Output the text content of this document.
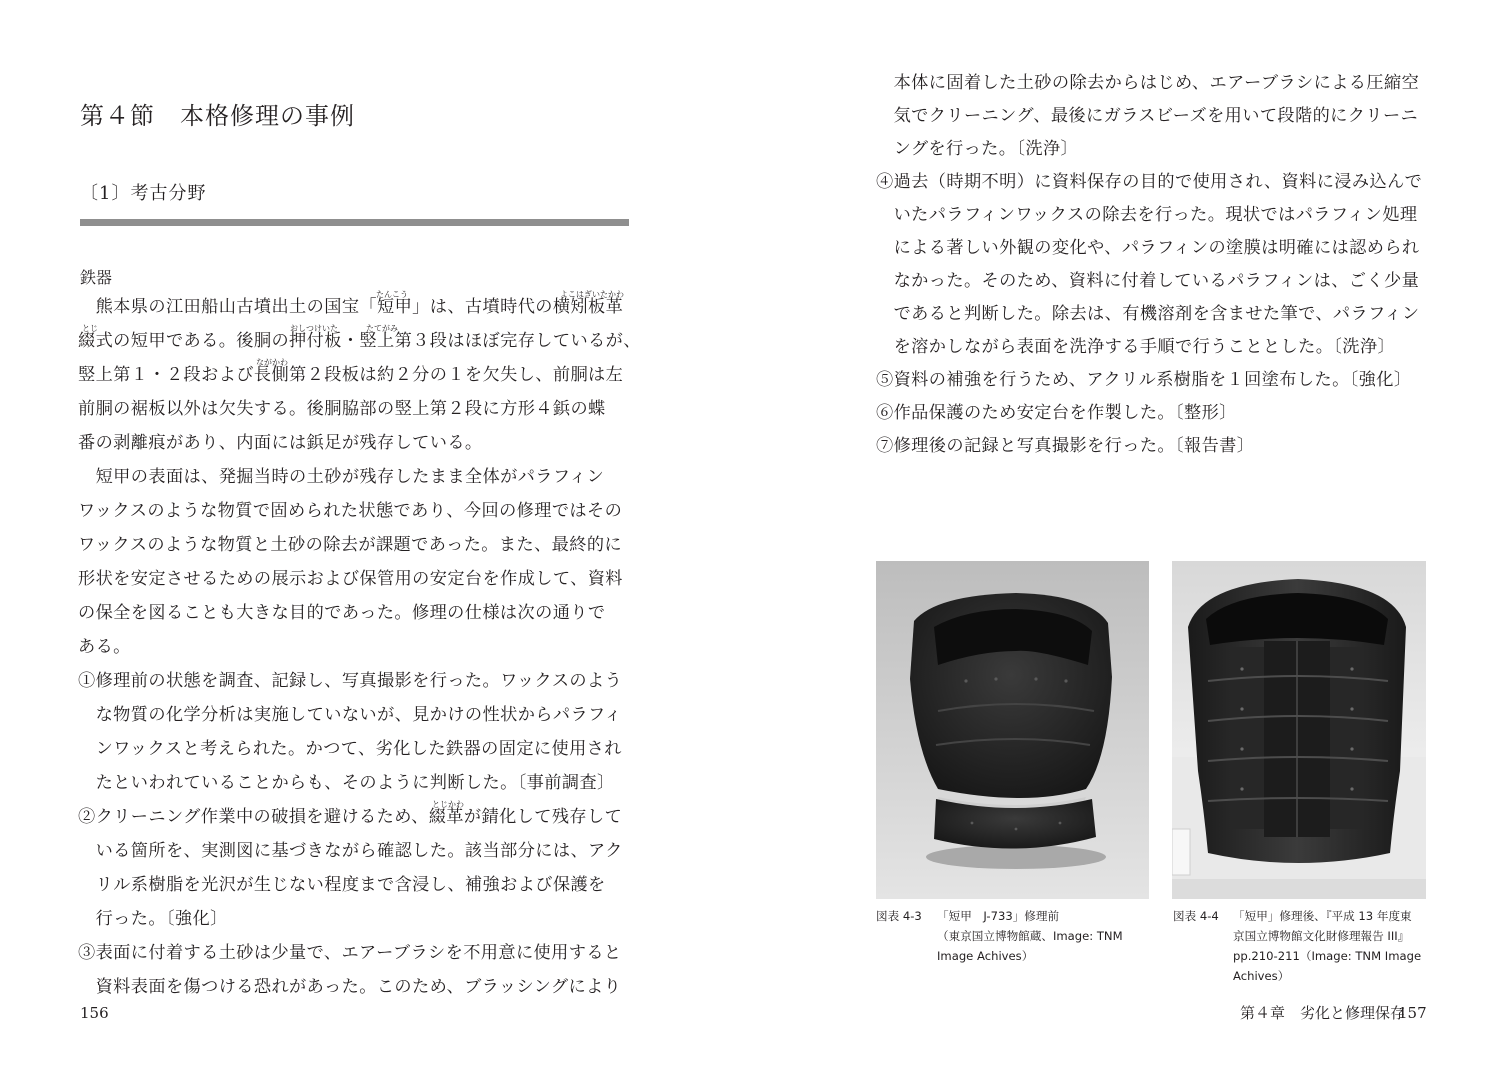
第４節　本格修理の事例
〔1〕考古分野
鉄器
　熊本県の江田船山古墳出土の国宝「短甲」は、古墳時代の横矧板革
綴式の短甲である。後胴の押付板・竪上第３段はほぼ完存しているが、
竪上第１・２段および長側第２段板は約２分の１を欠失し、前胴は左
前胴の裾板以外は欠失する。後胴脇部の竪上第２段に方形４鋲の蝶
番の剥離痕があり、内面には鋲足が残存している。
　短甲の表面は、発掘当時の土砂が残存したまま全体がパラフィン
ワックスのような物質で固められた状態であり、今回の修理ではその
ワックスのような物質と土砂の除去が課題であった。また、最終的に
形状を安定させるための展示および保管用の安定台を作成して、資料
の保全を図ることも大きな目的であった。修理の仕様は次の通りで
ある。
①修理前の状態を調査、記録し、写真撮影を行った。ワックスのよう
　な物質の化学分析は実施していないが、見かけの性状からパラフィ
　ンワックスと考えられた。かつて、劣化した鉄器の固定に使用され
　たといわれていることからも、そのように判断した。〔事前調査〕
②クリーニング作業中の破損を避けるため、綴革が錆化して残存して
　いる箇所を、実測図に基づきながら確認した。該当部分には、アク
　リル系樹脂を光沢が生じない程度まで含浸し、補強および保護を
　行った。〔強化〕
③表面に付着する土砂は少量で、エアーブラシを不用意に使用すると
　資料表面を傷つける恐れがあった。このため、ブラッシングにより
たんこう	よこはぎいたかわ
とじ	おしつけいた	たてがみ
ながかわ
とじかわ
156
　本体に固着した土砂の除去からはじめ、エアーブラシによる圧縮空
　気でクリーニング、最後にガラスビーズを用いて段階的にクリーニ
　ングを行った。〔洗浄〕
④過去（時期不明）に資料保存の目的で使用され、資料に浸み込んで
　いたパラフィンワックスの除去を行った。現状ではパラフィン処理
　による著しい外観の変化や、パラフィンの塗膜は明確には認められ
　なかった。そのため、資料に付着しているパラフィンは、ごく少量
　であると判断した。除去は、有機溶剤を含ませた筆で、パラフィン
　を溶かしながら表面を洗浄する手順で行うこととした。〔洗浄〕
⑤資料の補強を行うため、アクリル系樹脂を１回塗布した。〔強化〕
⑥作品保護のため安定台を作製した。〔整形〕
⑦修理後の記録と写真撮影を行った。〔報告書〕
図表 4-3 「短甲　J-733」修理前
（東京国立博物館蔵、Image: TNM
Image Achives）
図表 4-4 「短甲」修理後、『平成 13 年度東
京国立博物館文化財修理報告 III』
pp.210-211（Image: TNM Image
Achives）
第４章　劣化と修理保存
157
